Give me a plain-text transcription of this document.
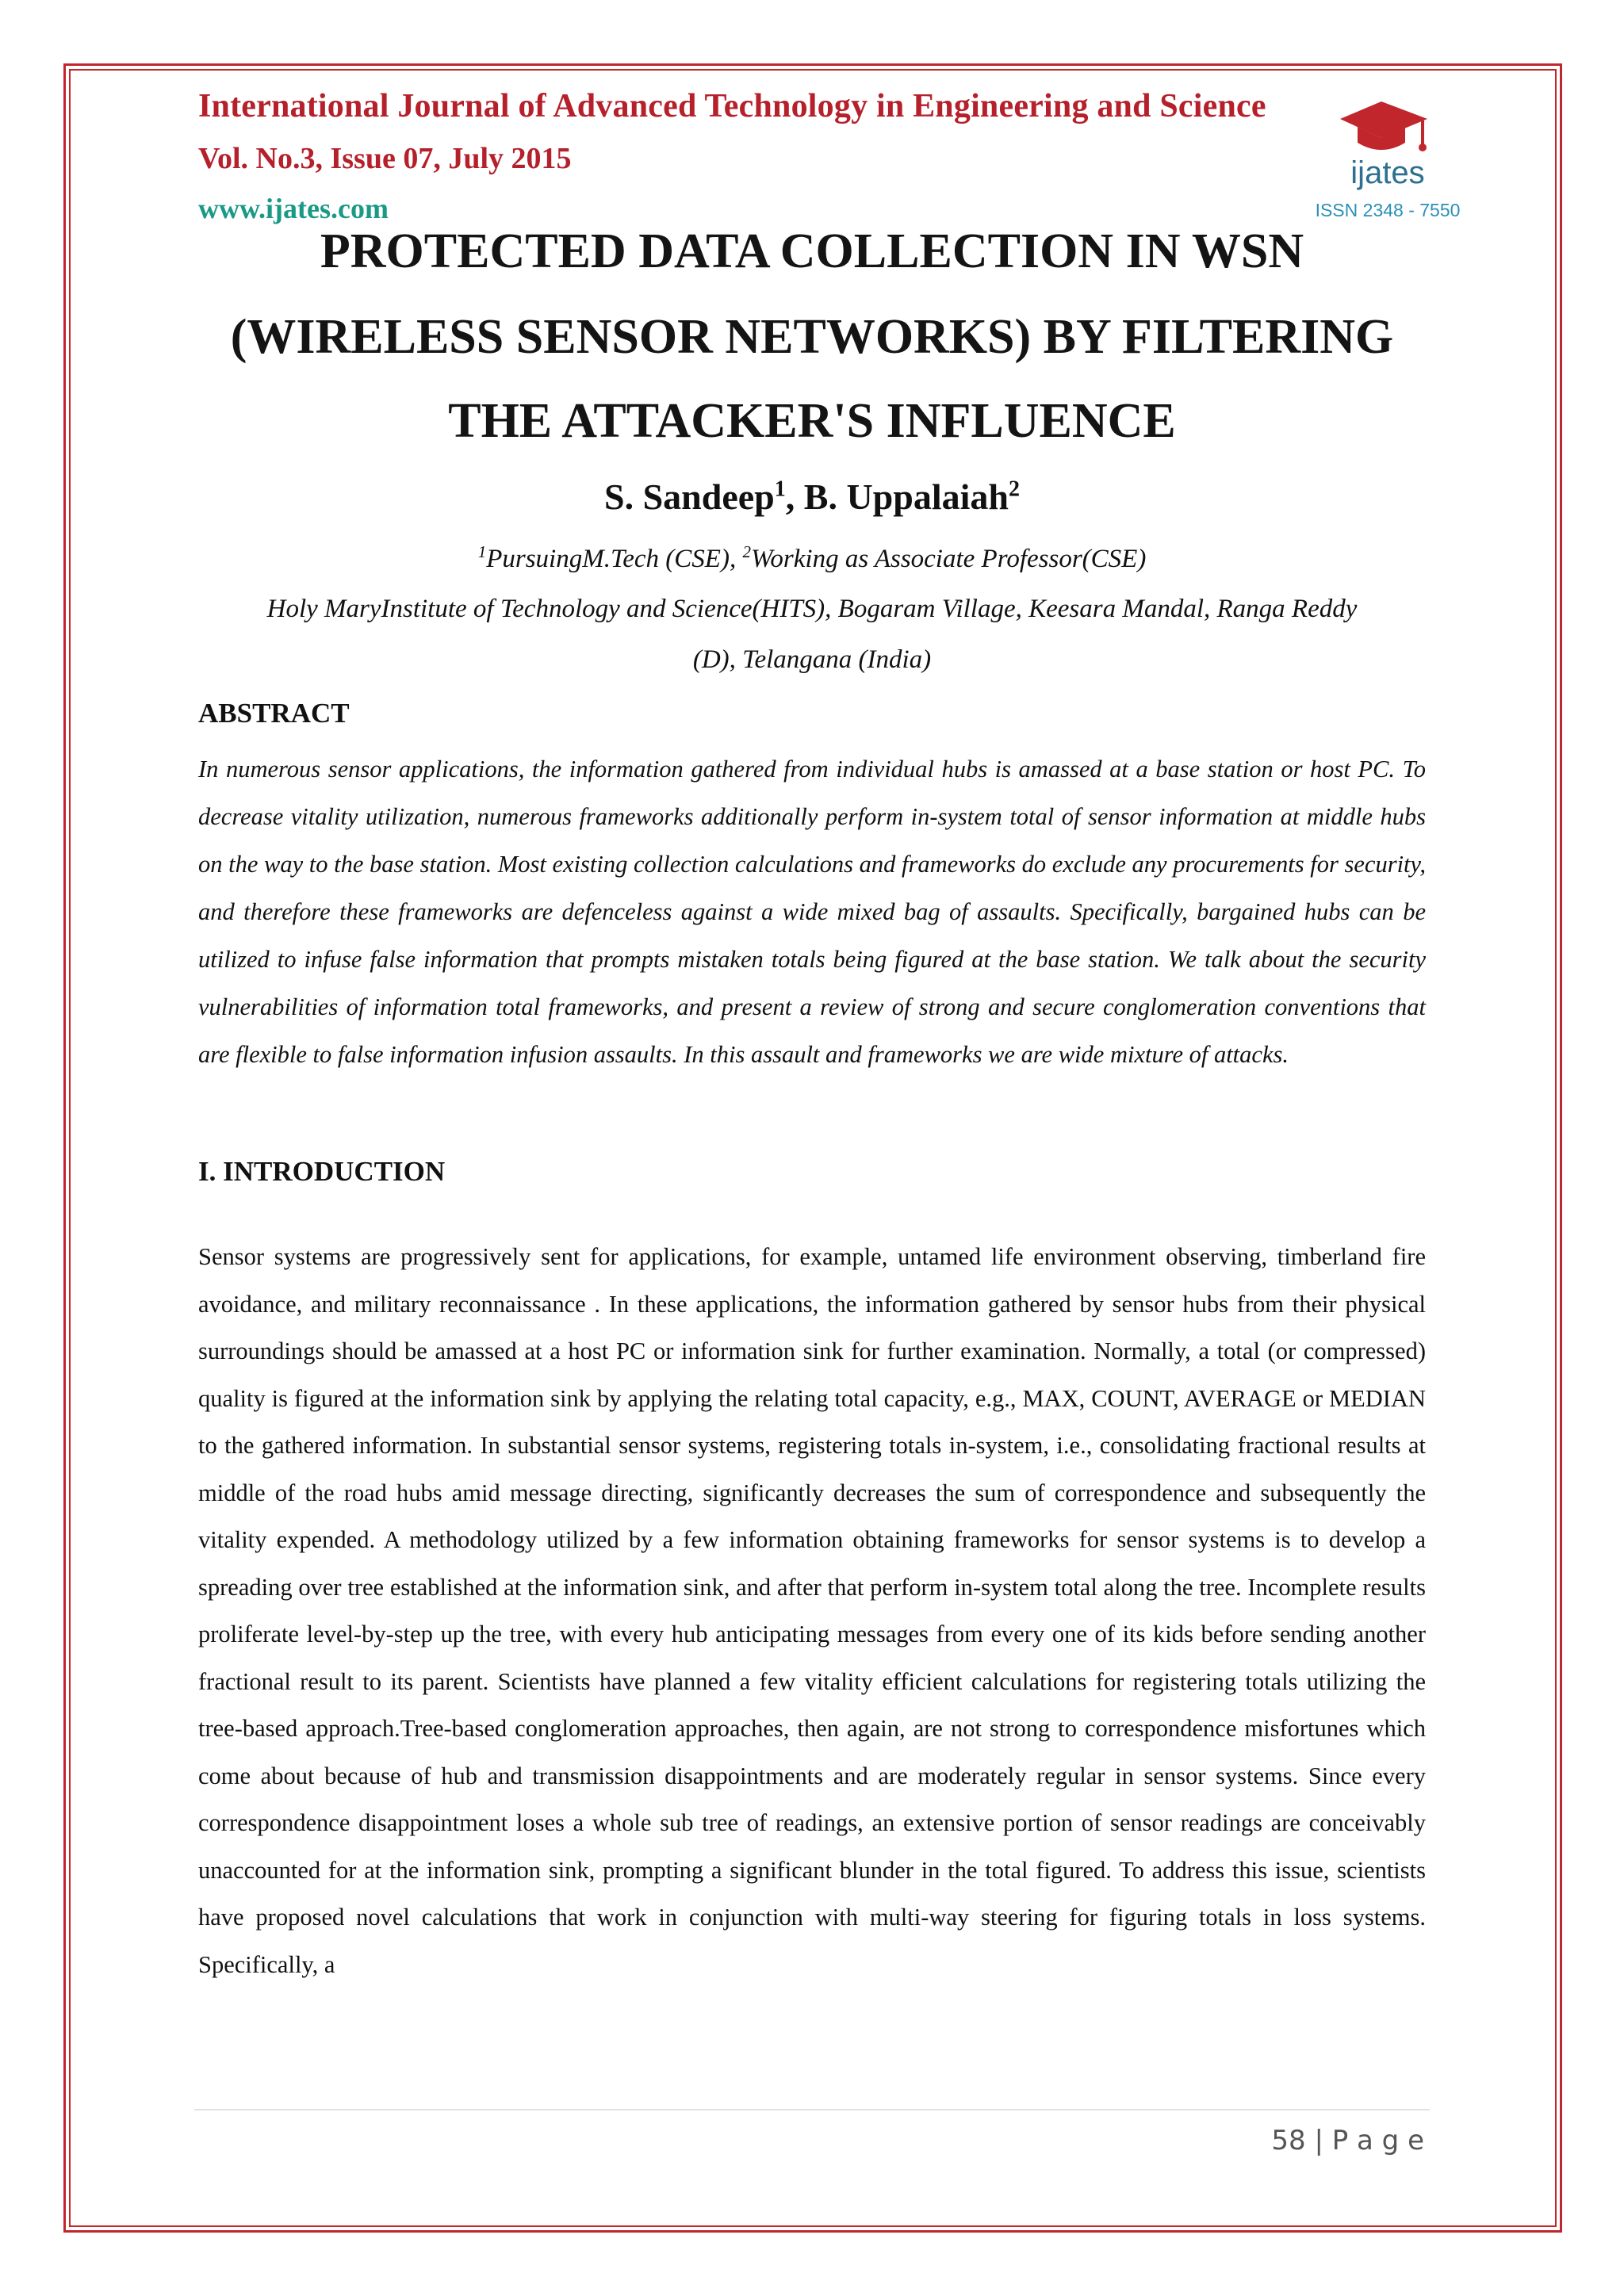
International Journal of Advanced Technology in Engineering and Science
Vol. No.3, Issue 07, July 2015
www.ijates.com
ijates
ISSN 2348 - 7550
PROTECTED DATA COLLECTION IN WSN
(WIRELESS SENSOR NETWORKS) BY FILTERING
THE ATTACKER'S INFLUENCE
S. Sandeep$^1$, B. Uppalaiah$^2$
$^1$PursuingM.Tech (CSE), $^2$Working as Associate Professor(CSE)
Holy MaryInstitute of Technology and Science(HITS), Bogaram Village, Keesara Mandal, Ranga Reddy
(D), Telangana (India)
ABSTRACT
In numerous sensor applications, the information gathered from individual hubs is amassed at a base station or host PC. To decrease vitality utilization, numerous frameworks additionally perform in-system total of sensor information at middle hubs on the way to the base station. Most existing collection calculations and frameworks do exclude any procurements for security, and therefore these frameworks are defenceless against a wide mixed bag of assaults. Specifically, bargained hubs can be utilized to infuse false information that prompts mistaken totals being figured at the base station. We talk about the security vulnerabilities of information total frameworks, and present a review of strong and secure conglomeration conventions that are flexible to false information infusion assaults. In this assault and frameworks we are wide mixture of attacks.
I. INTRODUCTION
Sensor systems are progressively sent for applications, for example, untamed life environment observing, timberland fire avoidance, and military reconnaissance . In these applications, the information gathered by sensor hubs from their physical surroundings should be amassed at a host PC or information sink for further examination. Normally, a total (or compressed) quality is figured at the information sink by applying the relating total capacity, e.g., MAX, COUNT, AVERAGE or MEDIAN to the gathered information. In substantial sensor systems, registering totals in-system, i.e., consolidating fractional results at middle of the road hubs amid message directing, significantly decreases the sum of correspondence and subsequently the vitality expended. A methodology utilized by a few information obtaining frameworks for sensor systems is to develop a spreading over tree established at the information sink, and after that perform in-system total along the tree. Incomplete results proliferate level-by-step up the tree, with every hub anticipating messages from every one of its kids before sending another fractional result to its parent. Scientists have planned a few vitality efficient calculations for registering totals utilizing the tree-based approach.Tree-based conglomeration approaches, then again, are not strong to correspondence misfortunes which come about because of hub and transmission disappointments and are moderately regular in sensor systems. Since every correspondence disappointment loses a whole sub tree of readings, an extensive portion of sensor readings are conceivably unaccounted for at the information sink, prompting a significant blunder in the total figured. To address this issue, scientists have proposed novel calculations that work in conjunction with multi-way steering for figuring totals in loss systems. Specifically, a
58 | P a g e
